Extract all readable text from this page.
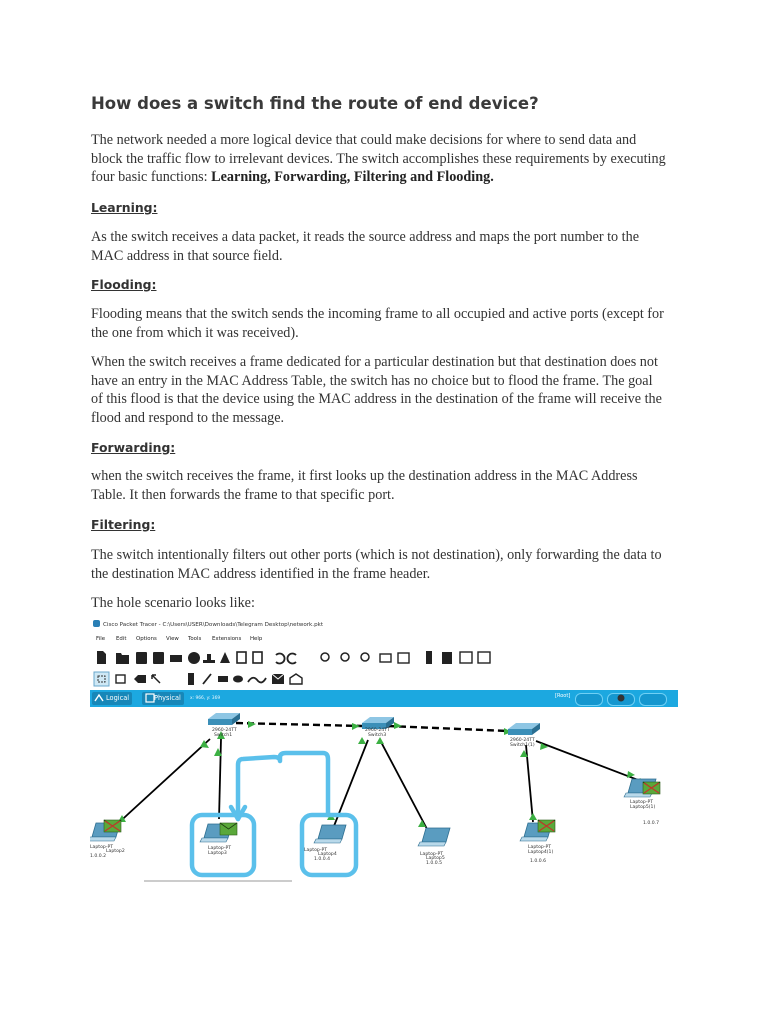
How does a switch find the route of end device?

The network needed a more logical device that could make decisions for where to send data and
block the traffic flow to irrelevant devices. The switch accomplishes these requirements by executing
four basic functions: Learning, Forwarding, Filtering and Flooding.

Learning:

As the switch receives a data packet, it reads the source address and maps the port number to the
MAC address in that source field.

Flooding:

Flooding means that the switch sends the incoming frame to all occupied and active ports (except for
the one from which it was received).

When the switch receives a frame dedicated for a particular destination but that destination does not
have an entry in the MAC Address Table, the switch has no choice but to flood the frame. The goal
of this flood is that the device using the MAC address in the destination of the frame will receive the
flood and respond to the message.

Forwarding:

when the switch receives the frame, it first looks up the destination address in the MAC Address
Table. It then forwards the frame to that specific port.

Filtering:

The switch intentionally filters out other ports (which is not destination), only forwarding the data to
the destination MAC address identified in the frame header.

The hole scenario looks like:

Cisco Packet Tracer - C:\Users\USER\Downloads\Telegram Desktop\network.pkt
File Edit Options View Tools Extensions Help
Logical	Physical	x: 966, y: 369	[Root]
2960-24TT
Switch1
2960-24TT
Switch3
2960-24TT
Switch1(1)
Laptop-PT
Laptop2
1.0.0.2
Laptop-PT
Laptop3
Laptop-PT
Laptop4
1.0.0.4
Laptop-PT
Laptop5
1.0.0.5
Laptop-PT
Laptop4(1)
1.0.0.6
Laptop-PT
Laptop5(1)
1.0.0.7
